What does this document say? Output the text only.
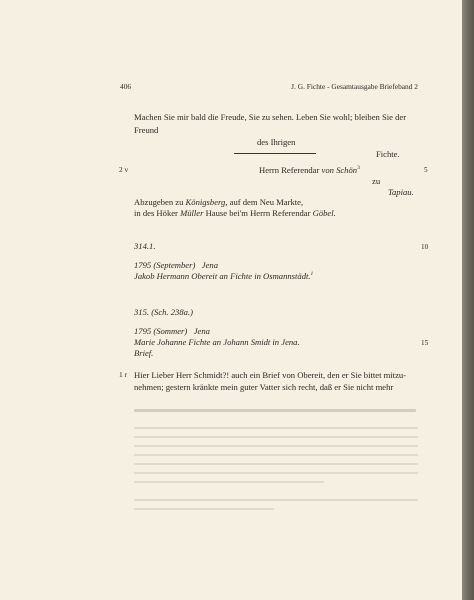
406	J. G. Fichte - Gesamtausgabe Briefeband 2
Machen Sie mir bald die Freude, Sie zu sehen. Leben Sie wohl; bleiben Sie der
Freund
des Ihrigen
Fichte.
2 v	Herrn Referendar von Schön$^3$	5
zu
Tapiau.
Abzugeben zu Königsberg, auf dem Neu Markte,
in des Höker Müller Hause bei'm Herrn Referendar Göbel.
314.1.	10
1795 (September) Jena
Jakob Hermann Obereit an Fichte in Osmannstädt.$^1$
315. (Sch. 238a.)
1795 (Sommer) Jena
Marie Johanne Fichte an Johann Smidt in Jena.	15
Brief.
1 r Hier Lieber Herr Schmidt?! auch ein Brief von Obereit, den er Sie bittet mitzu-
nehmen; gestern kränkte mein guter Vatter sich recht, daß er Sie nicht mehr
